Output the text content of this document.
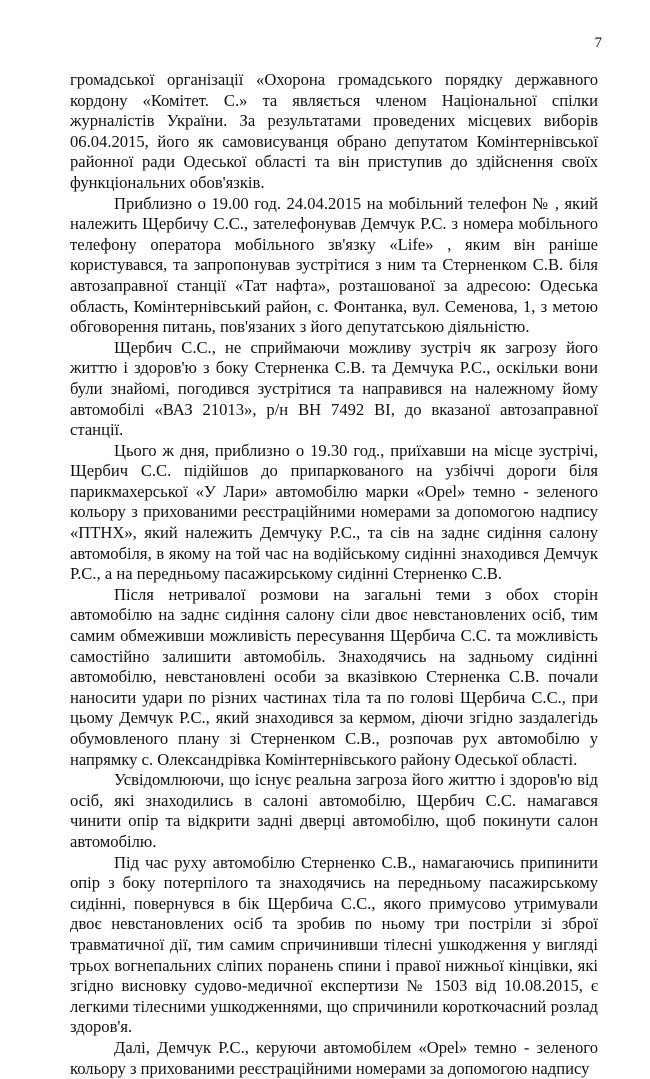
7

громадської організації «Охорона громадського порядку державного кордону «Комітет. С.» та являється членом Національної спілки журналістів України. За результатами проведених місцевих виборів 06.04.2015, його як самовисуванця обрано депутатом Комінтернівської районної ради Одеської області та він приступив до здійснення своїх функціональних обов'язків.

Приблизно о 19.00 год. 24.04.2015 на мобільний телефон № , який належить Щербичу С.С., зателефонував Демчук Р.С. з номера мобільного телефону оператора мобільного зв'язку «Life» , яким він раніше користувався, та запропонував зустрітися з ним та Стерненком С.В. біля автозаправної станції «Тат нафта», розташованої за адресою: Одеська область, Комінтернівський район, с. Фонтанка, вул. Семенова, 1, з метою обговорення питань, пов'язаних з його депутатською діяльністю.

Щербич С.С., не сприймаючи можливу зустріч як загрозу його життю і здоров'ю з боку Стерненка С.В. та Демчука Р.С., оскільки вони були знайомі, погодився зустрітися та направився на належному йому автомобілі «ВАЗ 21013», р/н ВН 7492 ВІ, до вказаної автозаправної станції.

Цього ж дня, приблизно о 19.30 год., приїхавши на місце зустрічі, Щербич С.С. підійшов до припаркованого на узбіччі дороги біля парикмахерської «У Лари» автомобілю марки «Opel» темно - зеленого кольору з прихованими реєстраційними номерами за допомогою надпису «ПТНХ», який належить Демчуку Р.С., та сів на заднє сидіння салону автомобіля, в якому на той час на водійському сидінні знаходився Демчук Р.С., а на передньому пасажирському сидінні Стерненко С.В.

Після нетривалої розмови на загальні теми з обох сторін автомобілю на заднє сидіння салону сіли двоє невстановлених осіб, тим самим обмеживши можливість пересування Щербича С.С. та можливість самостійно залишити автомобіль. Знаходячись на задньому сидінні автомобілю, невстановлені особи за вказівкою Стерненка С.В. почали наносити удари по різних частинах тіла та по голові Щербича С.С., при цьому Демчук Р.С., який знаходився за кермом, діючи згідно заздалегідь обумовленого плану зі Стерненком С.В., розпочав рух автомобілю у напрямку с. Олександрівка Комінтернівського району Одеської області.

Усвідомлюючи, що існує реальна загроза його життю і здоров'ю від осіб, які знаходились в салоні автомобілю, Щербич С.С. намагався чинити опір та відкрити задні дверці автомобілю, щоб покинути салон автомобілю.

Під час руху автомобілю Стерненко С.В., намагаючись припинити опір з боку потерпілого та знаходячись на передньому пасажирському сидінні, повернувся в бік Щербича С.С., якого примусово утримували двоє невстановлених осіб та зробив по ньому три постріли зі зброї травматичної дії, тим самим спричинивши тілесні ушкодження у вигляді трьох вогнепальних сліпих поранень спини і правої нижньої кінцівки, які згідно висновку судово-медичної експертизи № 1503 від 10.08.2015, є легкими тілесними ушкодженнями, що спричинили короткочасний розлад здоров'я.

Далі, Демчук Р.С., керуючи автомобілем «Opel» темно - зеленого кольору з прихованими реєстраційними номерами за допомогою надпису
